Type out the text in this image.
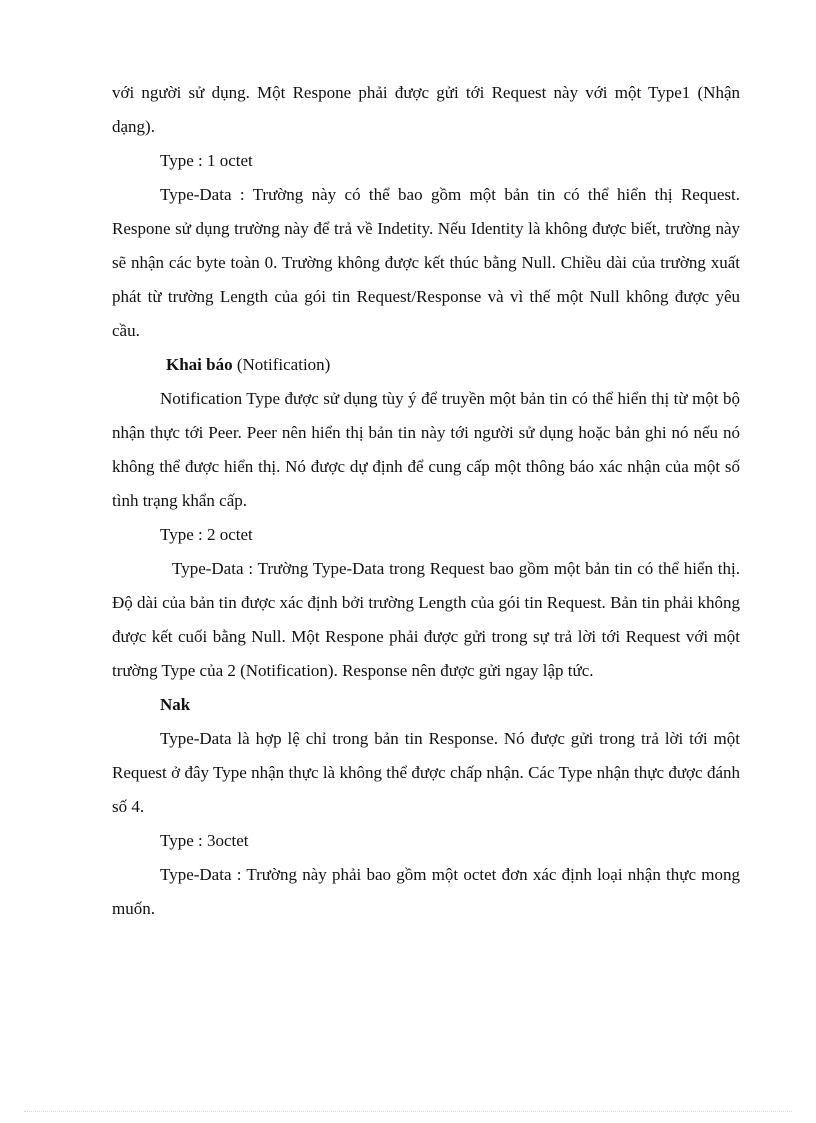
với người sử dụng. Một Respone phải được gửi tới Request này với một Type1 (Nhận dạng).

Type : 1 octet

Type-Data : Trường này có thể bao gồm một bản tin có thể hiển thị Request. Respone sử dụng trường này để trả về Indetity. Nếu Identity là không được biết, trường này sẽ nhận các byte toàn 0. Trường không được kết thúc bằng Null. Chiều dài của trường xuất phát từ trường Length của gói tin Request/Response và vì thế một Null không được yêu cầu.

Khai báo (Notification)

Notification Type được sử dụng tùy ý để truyền một bản tin có thể hiển thị từ một bộ nhận thực tới Peer. Peer nên hiển thị bản tin này tới người sử dụng hoặc bản ghi nó nếu nó không thể được hiển thị. Nó được dự định để cung cấp một thông báo xác nhận của một số tình trạng khẩn cấp.

Type : 2 octet

Type-Data : Trường Type-Data trong Request bao gồm một bản tin có thể hiển thị. Độ dài của bản tin được xác định bởi trường Length của gói tin Request. Bản tin phải không được kết cuối bằng Null. Một Respone phải được gửi trong sự trả lời tới Request với một trường Type của 2 (Notification). Response nên được gửi ngay lập tức.

Nak

Type-Data là hợp lệ chỉ trong bản tin Response. Nó được gửi trong trả lời tới một Request ở đây Type nhận thực là không thể được chấp nhận. Các Type nhận thực được đánh số 4.

Type : 3octet

Type-Data : Trường này phải bao gồm một octet đơn xác định loại nhận thực mong muốn.
